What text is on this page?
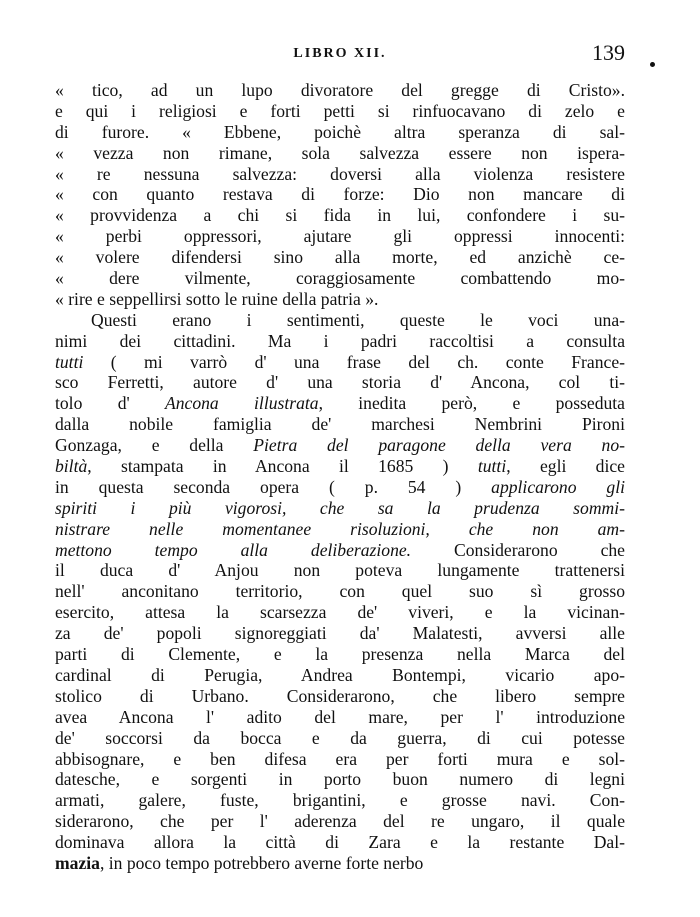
LIBRO XII.	139
« tico, ad un lupo divoratore del gregge di Cristo».
e qui i religiosi e forti petti si rinfuocavano di zelo e
di furore. « Ebbene, poichè altra speranza di sal-
« vezza non rimane, sola salvezza essere non ispera-
« re nessuna salvezza: doversi alla violenza resistere
« con quanto restava di forze: Dio non mancare di
« provvidenza a chi si fida in lui, confondere i su-
« perbi oppressori, ajutare gli oppressi innocenti:
« volere difendersi sino alla morte, ed anzichè ce-
« dere vilmente, coraggiosamente combattendo mo-
« rire e seppellirsi sotto le ruine della patria ».
Questi erano i sentimenti, queste le voci una-
nimi dei cittadini. Ma i padri raccoltisi a consulta
tutti ( mi varrò d' una frase del ch. conte France-
sco Ferretti, autore d' una storia d' Ancona, col ti-
tolo d' Ancona illustrata, inedita però, e posseduta
dalla nobile famiglia de' marchesi Nembrini Pironi
Gonzaga, e della Pietra del paragone della vera no-
biltà, stampata in Ancona il 1685 ) tutti, egli dice
in questa seconda opera ( p. 54 ) applicarono gli
spiriti i più vigorosi, che sa la prudenza sommi-
nistrare nelle momentanee risoluzioni, che non am-
mettono tempo alla deliberazione. Considerarono che
il duca d' Anjou non poteva lungamente trattenersi
nell' anconitano territorio, con quel suo sì grosso
esercito, attesa la scarsezza de' viveri, e la vicinan-
za de' popoli signoreggiati da' Malatesti, avversi alle
parti di Clemente, e la presenza nella Marca del
cardinal di Perugia, Andrea Bontempi, vicario apo-
stolico di Urbano. Considerarono, che libero sempre
avea Ancona l' adito del mare, per l' introduzione
de' soccorsi da bocca e da guerra, di cui potesse
abbisognare, e ben difesa era per forti mura e sol-
datesche, e sorgenti in porto buon numero di legni
armati, galere, fuste, brigantini, e grosse navi. Con-
siderarono, che per l' aderenza del re ungaro, il quale
dominava allora la città di Zara e la restante Dal-
mazia, in poco tempo potrebbero averne forte nerbo
